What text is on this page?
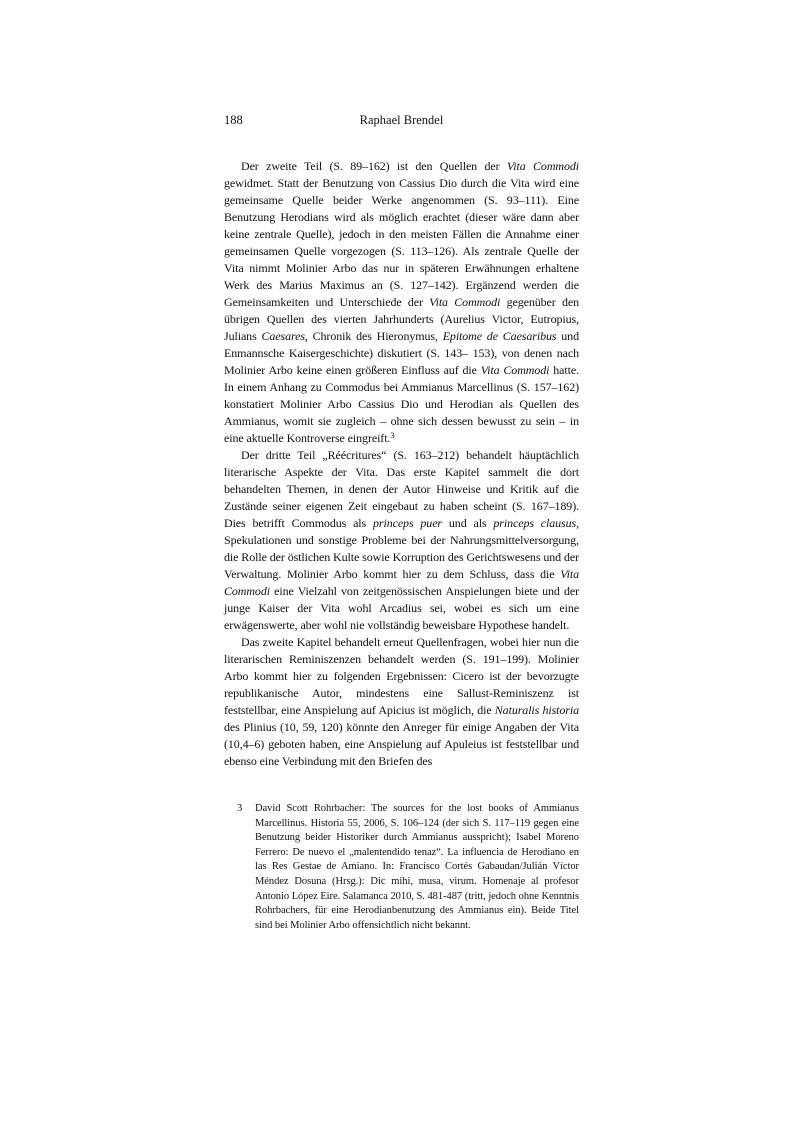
188	Raphael Brendel

Der zweite Teil (S. 89–162) ist den Quellen der Vita Commodi gewidmet. Statt der Benutzung von Cassius Dio durch die Vita wird eine gemeinsame Quelle beider Werke angenommen (S. 93–111). Eine Benutzung Herodians wird als möglich erachtet (dieser wäre dann aber keine zentrale Quelle), jedoch in den meisten Fällen die Annahme einer gemeinsamen Quelle vorgezogen (S. 113–126). Als zentrale Quelle der Vita nimmt Molinier Arbo das nur in späteren Erwähnungen erhaltene Werk des Marius Maximus an (S. 127–142). Ergänzend werden die Gemeinsamkeiten und Unterschiede der Vita Commodi gegenüber den übrigen Quellen des vierten Jahrhunderts (Aurelius Victor, Eutropius, Julians Caesares, Chronik des Hieronymus, Epitome de Caesaribus und Enmannsche Kaisergeschichte) diskutiert (S. 143– 153), von denen nach Molinier Arbo keine einen größeren Einfluss auf die Vita Commodi hatte. In einem Anhang zu Commodus bei Ammianus Marcellinus (S. 157–162) konstatiert Molinier Arbo Cassius Dio und Herodian als Quellen des Ammianus, womit sie zugleich – ohne sich dessen bewusst zu sein – in eine aktuelle Kontroverse eingreift.$^3$

Der dritte Teil „Réécritures“ (S. 163–212) behandelt häuptächlich literarische Aspekte der Vita. Das erste Kapitel sammelt die dort behandelten Themen, in denen der Autor Hinweise und Kritik auf die Zustände seiner eigenen Zeit eingebaut zu haben scheint (S. 167–189). Dies betrifft Commodus als princeps puer und als princeps clausus, Spekulationen und sonstige Probleme bei der Nahrungsmittelversorgung, die Rolle der östlichen Kulte sowie Korruption des Gerichtswesens und der Verwaltung. Molinier Arbo kommt hier zu dem Schluss, dass die Vita Commodi eine Vielzahl von zeitgenössischen Anspielungen biete und der junge Kaiser der Vita wohl Arcadius sei, wobei es sich um eine erwägenswerte, aber wohl nie vollständig beweisbare Hypothese handelt.

Das zweite Kapitel behandelt erneut Quellenfragen, wobei hier nun die literarischen Reminiszenzen behandelt werden (S. 191–199). Molinier Arbo kommt hier zu folgenden Ergebnissen: Cicero ist der bevorzugte republikanische Autor, mindestens eine Sallust-Reminiszenz ist feststellbar, eine Anspielung auf Apicius ist möglich, die Naturalis historia des Plinius (10, 59, 120) könnte den Anreger für einige Angaben der Vita (10,4–6) geboten haben, eine Anspielung auf Apuleius ist feststellbar und ebenso eine Verbindung mit den Briefen des

3 David Scott Rohrbacher: The sources for the lost books of Ammianus Marcellinus. Historia 55, 2006, S. 106–124 (der sich S. 117–119 gegen eine Benutzung beider Historiker durch Ammianus ausspricht); Isabel Moreno Ferrero: De nuevo el „malentendido tenaz“. La influencia de Herodiano en las Res Gestae de Amiano. In: Francisco Cortés Gabaudan/Julián Víctor Méndez Dosuna (Hrsg.): Dic mihi, musa, virum. Homenaje al profesor Antonio López Eire. Salamanca 2010, S. 481-487 (tritt, jedoch ohne Kenntnis Rohrbachers, für eine Herodianbenutzung des Ammianus ein). Beide Titel sind bei Molinier Arbo offensichtlich nicht bekannt.
